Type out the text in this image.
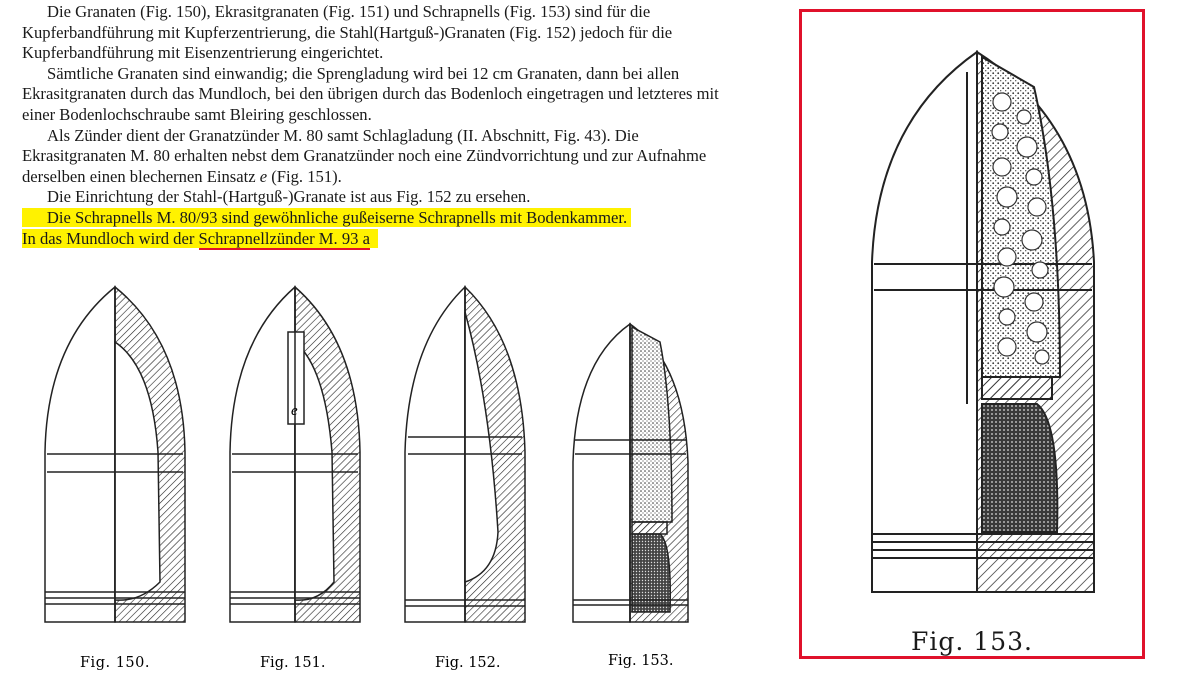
Die Granaten (Fig. 150), Ekrasitgranaten (Fig. 151) und Schrapnells (Fig. 153) sind für die Kupferbandführung mit Kupferzentrierung, die Stahl(Hartguß-)Granaten (Fig. 152) jedoch für die Kupferbandführung mit Eisenzentrierung eingerichtet.

Sämtliche Granaten sind einwandig; die Sprengladung wird bei 12 cm Granaten, dann bei allen Ekrasitgranaten durch das Mundloch, bei den übrigen durch das Bodenloch eingetragen und letzteres mit einer Bodenlochschraube samt Bleiring geschlossen.

Als Zünder dient der Granatzünder M. 80 samt Schlagladung (II. Abschnitt, Fig. 43). Die Ekrasitgranaten M. 80 erhalten nebst dem Granatzünder noch eine Zündvorrichtung und zur Aufnahme derselben einen blechernen Einsatz e (Fig. 151).

Die Einrichtung der Stahl-(Hartguß-)Granate ist aus Fig. 152 zu ersehen.

Die Schrapnells M. 80/93 sind gewöhnliche gußeiserne Schrapnells mit Bodenkammer.
In das Mundloch wird der Schrapnellzünder M. 93 a

Fig. 150.
e
Fig. 151.	Fig. 152.	Fig. 153.
Fig. 153.
